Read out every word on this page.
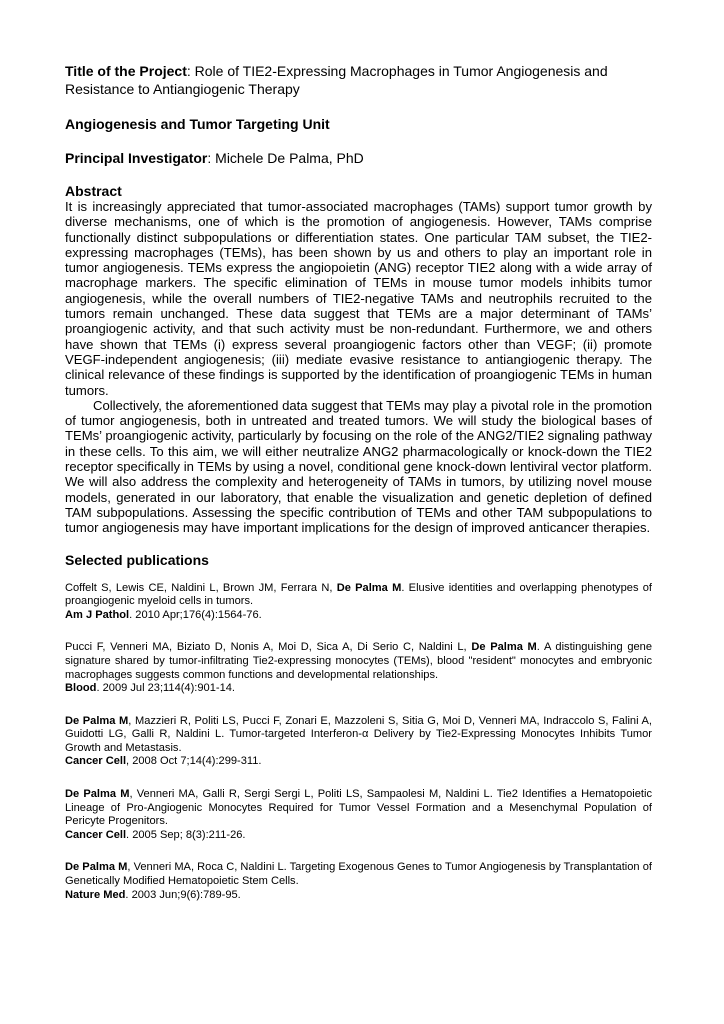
Title of the Project: Role of TIE2-Expressing Macrophages in Tumor Angiogenesis and Resistance to Antiangiogenic Therapy
Angiogenesis and Tumor Targeting Unit
Principal Investigator: Michele De Palma, PhD
Abstract

It is increasingly appreciated that tumor-associated macrophages (TAMs) support tumor growth by diverse mechanisms, one of which is the promotion of angiogenesis. However, TAMs comprise functionally distinct subpopulations or differentiation states. One particular TAM subset, the TIE2-expressing macrophages (TEMs), has been shown by us and others to play an important role in tumor angiogenesis. TEMs express the angiopoietin (ANG) receptor TIE2 along with a wide array of macrophage markers. The specific elimination of TEMs in mouse tumor models inhibits tumor angiogenesis, while the overall numbers of TIE2-negative TAMs and neutrophils recruited to the tumors remain unchanged. These data suggest that TEMs are a major determinant of TAMs’ proangiogenic activity, and that such activity must be non-redundant. Furthermore, we and others have shown that TEMs (i) express several proangiogenic factors other than VEGF; (ii) promote VEGF-independent angiogenesis; (iii) mediate evasive resistance to antiangiogenic therapy. The clinical relevance of these findings is supported by the identification of proangiogenic TEMs in human tumors.

Collectively, the aforementioned data suggest that TEMs may play a pivotal role in the promotion of tumor angiogenesis, both in untreated and treated tumors. We will study the biological bases of TEMs’ proangiogenic activity, particularly by focusing on the role of the ANG2/TIE2 signaling pathway in these cells. To this aim, we will either neutralize ANG2 pharmacologically or knock-down the TIE2 receptor specifically in TEMs by using a novel, conditional gene knock-down lentiviral vector platform. We will also address the complexity and heterogeneity of TAMs in tumors, by utilizing novel mouse models, generated in our laboratory, that enable the visualization and genetic depletion of defined TAM subpopulations. Assessing the specific contribution of TEMs and other TAM subpopulations to tumor angiogenesis may have important implications for the design of improved anticancer therapies.

Selected publications
Coffelt S, Lewis CE, Naldini L, Brown JM, Ferrara N, De Palma M. Elusive identities and overlapping phenotypes of proangiogenic myeloid cells in tumors.
Am J Pathol. 2010 Apr;176(4):1564-76.
Pucci F, Venneri MA, Biziato D, Nonis A, Moi D, Sica A, Di Serio C, Naldini L, De Palma M. A distinguishing gene signature shared by tumor-infiltrating Tie2-expressing monocytes (TEMs), blood "resident" monocytes and embryonic macrophages suggests common functions and developmental relationships.
Blood. 2009 Jul 23;114(4):901-14.
De Palma M, Mazzieri R, Politi LS, Pucci F, Zonari E, Mazzoleni S, Sitia G, Moi D, Venneri MA, Indraccolo S, Falini A, Guidotti LG, Galli R, Naldini L. Tumor-targeted Interferon-α Delivery by Tie2-Expressing Monocytes Inhibits Tumor Growth and Metastasis.
Cancer Cell, 2008 Oct 7;14(4):299-311.
De Palma M, Venneri MA, Galli R, Sergi Sergi L, Politi LS, Sampaolesi M, Naldini L. Tie2 Identifies a Hematopoietic Lineage of Pro-Angiogenic Monocytes Required for Tumor Vessel Formation and a Mesenchymal Population of Pericyte Progenitors.
Cancer Cell. 2005 Sep; 8(3):211-26.
De Palma M, Venneri MA, Roca C, Naldini L. Targeting Exogenous Genes to Tumor Angiogenesis by Transplantation of Genetically Modified Hematopoietic Stem Cells.
Nature Med. 2003 Jun;9(6):789-95.
